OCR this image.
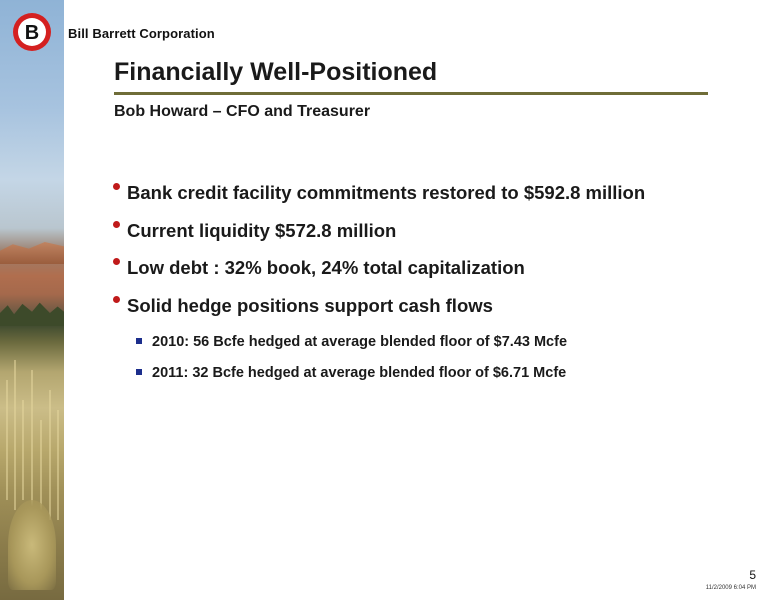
B Bill Barrett Corporation
Financially Well-Positioned
Bob Howard – CFO and Treasurer
Bank credit facility commitments restored to $592.8 million
Current liquidity $572.8 million
Low debt : 32% book, 24% total capitalization
Solid hedge positions support cash flows
2010: 56 Bcfe hedged at average blended floor of $7.43 Mcfe
2011: 32 Bcfe hedged at average blended floor of $6.71 Mcfe
5
11/2/2009 6:04 PM
